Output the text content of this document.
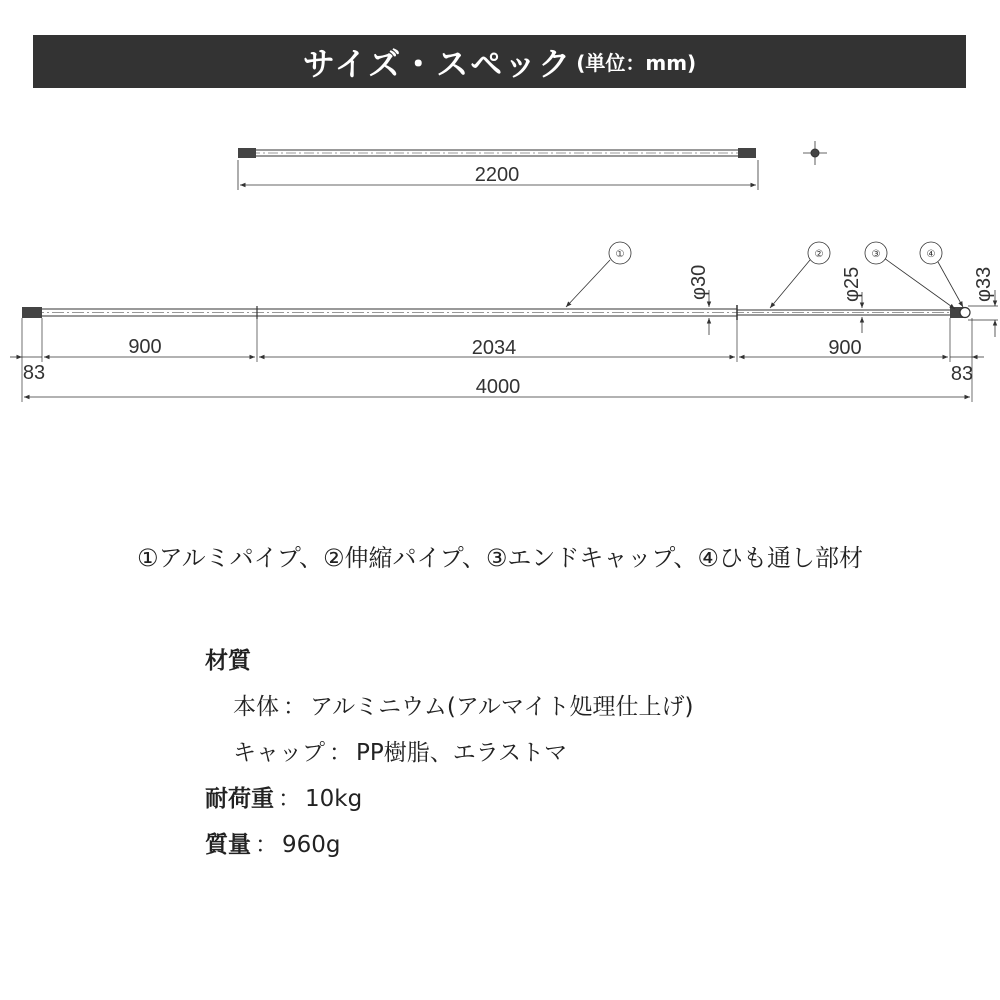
サイズ・スペック (単位：mm)
2200
①	②	③	④
φ30	φ25	φ33
83
900	2034	900
83
4000
①アルミパイプ、②伸縮パイプ、③エンドキャップ、④ひも通し部材
材質
本体 ： アルミニウム(アルマイト処理仕上げ)
キャップ ： PP樹脂、エラストマ
耐荷重 ： 10kg
質量 ： 960g
